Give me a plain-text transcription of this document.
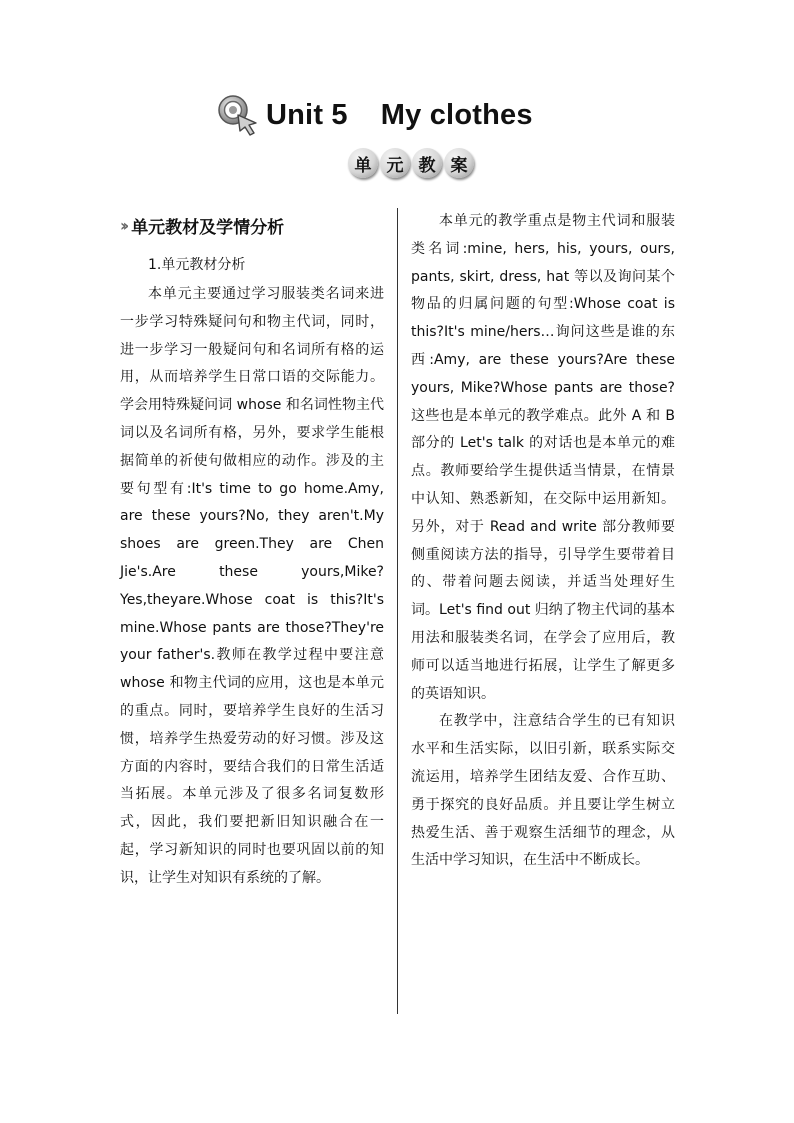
Unit 5    My clothes
单 元 教 案
›› 单元教材及学情分析
1.单元教材分析

本单元主要通过学习服装类名词来进一步学习特殊疑问句和物主代词，同时，进一步学习一般疑问句和名词所有格的运用，从而培养学生日常口语的交际能力。学会用特殊疑问词 whose 和名词性物主代词以及名词所有格，另外，要求学生能根据简单的祈使句做相应的动作。涉及的主要句型有:It's time to go home.Amy, are these yours?No, they aren't.My shoes are green.They are Chen Jie's.Are these yours,Mike?Yes,theyare.Whose coat is this?It's mine.Whose pants are those?They're your father's.教师在教学过程中要注意 whose 和物主代词的应用，这也是本单元的重点。同时，要培养学生良好的生活习惯，培养学生热爱劳动的好习惯。涉及这方面的内容时，要结合我们的日常生活适当拓展。本单元涉及了很多名词复数形式，因此，我们要把新旧知识融合在一起，学习新知识的同时也要巩固以前的知识，让学生对知识有系统的了解。

本单元的教学重点是物主代词和服装类名词:mine, hers, his, yours, ours, pants, skirt, dress, hat 等以及询问某个物品的归属问题的句型:Whose coat is this?It's mine/hers…询问这些是谁的东西:Amy, are these yours?Are these yours, Mike?Whose pants are those?这些也是本单元的教学难点。此外 A 和 B 部分的 Let's talk 的对话也是本单元的难点。教师要给学生提供适当情景，在情景中认知、熟悉新知，在交际中运用新知。另外，对于 Read and write 部分教师要侧重阅读方法的指导，引导学生要带着目的、带着问题去阅读，并适当处理好生词。Let's find out 归纳了物主代词的基本用法和服装类名词，在学会了应用后，教师可以适当地进行拓展，让学生了解更多的英语知识。

在教学中，注意结合学生的已有知识水平和生活实际，以旧引新，联系实际交流运用，培养学生团结友爱、合作互助、勇于探究的良好品质。并且要让学生树立热爱生活、善于观察生活细节的理念，从生活中学习知识，在生活中不断成长。
